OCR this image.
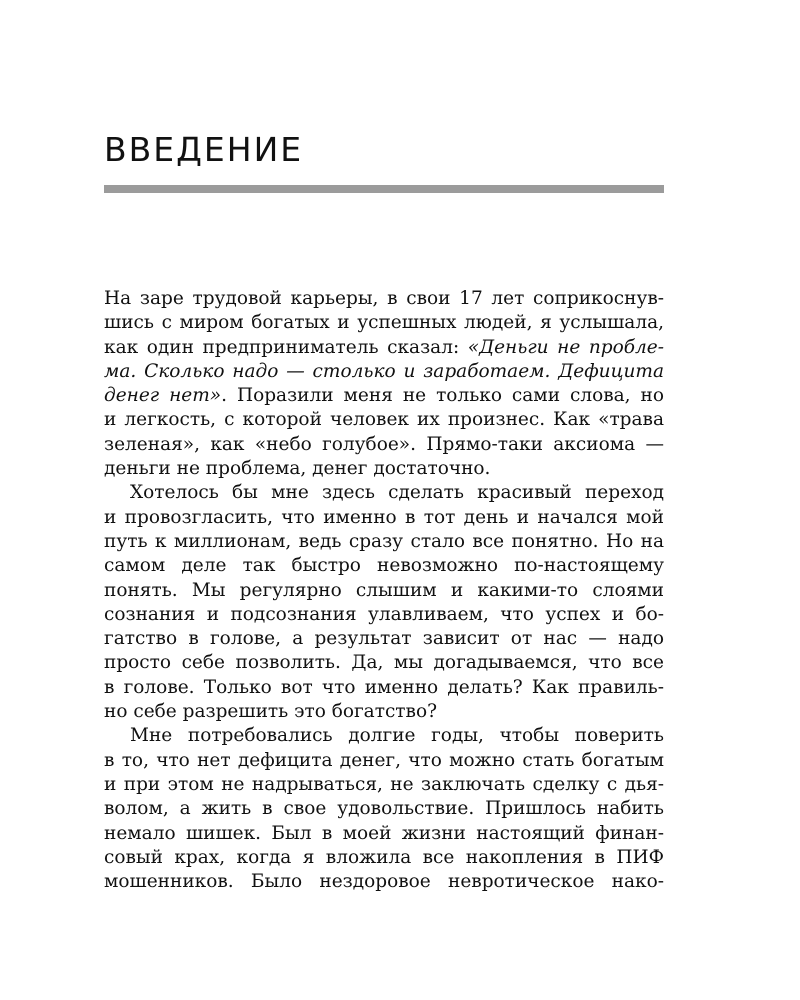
ВВЕДЕНИЕ
На заре трудовой карьеры, в свои 17 лет соприкоснув-
шись с миром богатых и успешных людей, я услышала,
как один предприниматель сказал: «Деньги не пробле-
ма. Сколько надо — столько и заработаем. Дефицита
денег нет». Поразили меня не только сами слова, но
и легкость, с которой человек их произнес. Как «трава
зеленая», как «небо голубое». Прямо-таки аксиома —
деньги не проблема, денег достаточно.
Хотелось бы мне здесь сделать красивый переход
и провозгласить, что именно в тот день и начался мой
путь к миллионам, ведь сразу стало все понятно. Но на
самом деле так быстро невозможно по-настоящему
понять. Мы регулярно слышим и какими-то слоями
сознания и подсознания улавливаем, что успех и бо-
гатство в голове, а результат зависит от нас — надо
просто себе позволить. Да, мы догадываемся, что все
в голове. Только вот что именно делать? Как правиль-
но себе разрешить это богатство?
Мне потребовались долгие годы, чтобы поверить
в то, что нет дефицита денег, что можно стать богатым
и при этом не надрываться, не заключать сделку с дья-
волом, а жить в свое удовольствие. Пришлось набить
немало шишек. Был в моей жизни настоящий финан-
совый крах, когда я вложила все накопления в ПИФ
мошенников. Было нездоровое невротическое нако-
